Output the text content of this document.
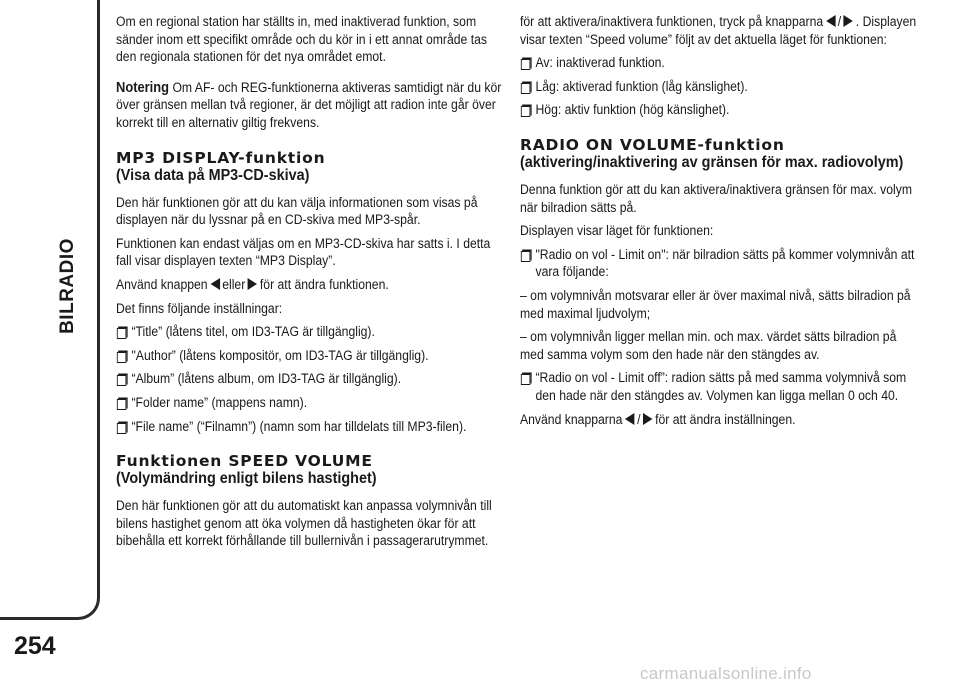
BILRADIO
254

Om en regional station har ställts in, med inaktiverad funktion, som sänder inom ett specifikt område och du kör in i ett annat område tas den regionala stationen för det nya området emot.

Notering Om AF- och REG-funktionerna aktiveras samtidigt när du kör över gränsen mellan två regioner, är det möjligt att radion inte går över korrekt till en alternativ giltig frekvens.

MP3 DISPLAY-funktion
(Visa data på MP3-CD-skiva)

Den här funktionen gör att du kan välja informationen som visas på displayen när du lyssnar på en CD-skiva med MP3-spår.

Funktionen kan endast väljas om en MP3-CD-skiva har satts i. I detta fall visar displayen texten “MP3 Display”.

Använd knappen eller för att ändra funktionen.

Det finns följande inställningar:

“Title” (låtens titel, om ID3-TAG är tillgänglig).

"Author” (låtens kompositör, om ID3-TAG är tillgänglig).

“Album” (låtens album, om ID3-TAG är tillgänglig).

“Folder name” (mappens namn).

“File name” (“Filnamn”) (namn som har tilldelats till MP3-filen).

Funktionen SPEED VOLUME
(Volymändring enligt bilens hastighet)

Den här funktionen gör att du automatiskt kan anpassa volymnivån till bilens hastighet genom att öka volymen då hastigheten ökar för att bibehålla ett korrekt förhållande till bullernivån i passagerarutrymmet.

för att aktivera/inaktivera funktionen, tryck på knapparna / . Displayen visar texten “Speed volume” följt av det aktuella läget för funktionen:

Av: inaktiverad funktion.

Låg: aktiverad funktion (låg känslighet).

Hög: aktiv funktion (hög känslighet).

RADIO ON VOLUME-funktion
(aktivering/inaktivering av gränsen för max. radiovolym)

Denna funktion gör att du kan aktivera/inaktivera gränsen för max. volym när bilradion sätts på.

Displayen visar läget för funktionen:

"Radio on vol - Limit on": när bilradion sätts på kommer volymnivån att vara följande:

– om volymnivån motsvarar eller är över maximal nivå, sätts bilradion på med maximal ljudvolym;

– om volymnivån ligger mellan min. och max. värdet sätts bilradion på med samma volym som den hade när den stängdes av.

“Radio on vol - Limit off”: radion sätts på med samma volymnivå som den hade när den stängdes av. Volymen kan ligga mellan 0 och 40.

Använd knapparna / för att ändra inställningen.

carmanualsonline.info
